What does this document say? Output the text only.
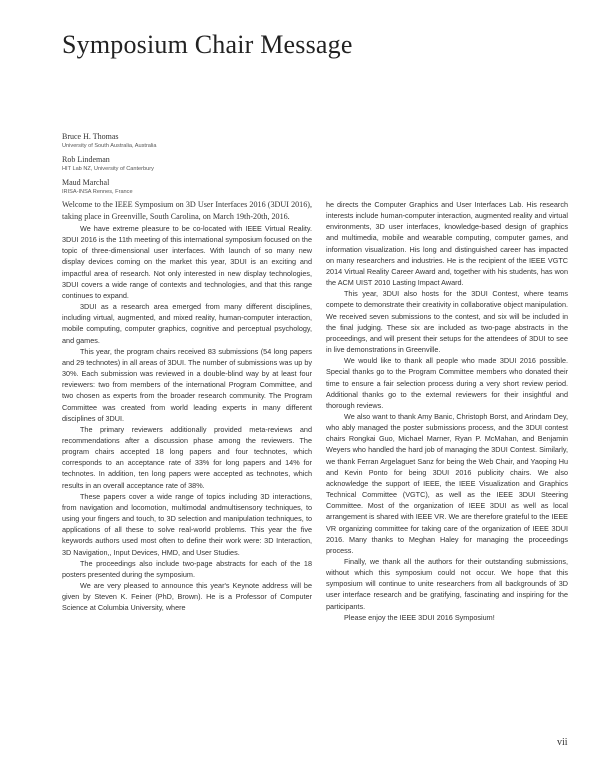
Symposium Chair Message
Bruce H. Thomas
University of South Australia, Australia
Rob Lindeman
HIT Lab NZ, University of Canterbury
Maud Marchal
IRISA-INSA Rennes, France

Welcome to the IEEE Symposium on 3D User Interfaces 2016 (3DUI 2016), taking place in Greenville, South Carolina, on March 19th-20th, 2016.

We have extreme pleasure to be co-located with IEEE Virtual Reality. 3DUI 2016 is the 11th meeting of this international symposium focused on the topic of three-dimensional user interfaces. With launch of so many new display devices coming on the market this year, 3DUI is an exciting and impactful area of research. Not only interested in new display technologies, 3DUI covers a wide range of contexts and technologies, and that this range continues to expand.

3DUI as a research area emerged from many different disciplines, including virtual, augmented, and mixed reality, human-computer interaction, mobile computing, computer graphics, cognitive and perceptual psychology, and games.

This year, the program chairs received 83 submissions (54 long papers and 29 technotes) in all areas of 3DUI. The number of submissions was up by 30%. Each submission was reviewed in a double-blind way by at least four reviewers: two from members of the international Program Committee, and two chosen as experts from the broader research community. The Program Committee was created from world leading experts in many different disciplines of 3DUI.

The primary reviewers additionally provided meta-reviews and recommendations after a discussion phase among the reviewers. The program chairs accepted 18 long papers and four technotes, which corresponds to an acceptance rate of 33% for long papers and 14% for technotes. In addition, ten long papers were accepted as technotes, which results in an overall acceptance rate of 38%.

These papers cover a wide range of topics including 3D interactions, from navigation and locomotion, multimodal andmultisensory techniques, to using your fingers and touch, to 3D selection and manipulation techniques, to applications of all these to solve real-world problems. This year the five keywords authors used most often to define their work were: 3D Interaction, 3D Navigation,, Input Devices, HMD, and User Studies.

The proceedings also include two-page abstracts for each of the 18 posters presented during the symposium.

We are very pleased to announce this year's Keynote address will be given by Steven K. Feiner (PhD, Brown). He is a Professor of Computer Science at Columbia University, where

he directs the Computer Graphics and User Interfaces Lab. His research interests include human-computer interaction, augmented reality and virtual environments, 3D user interfaces, knowledge-based design of graphics and multimedia, mobile and wearable computing, computer games, and information visualization. His long and distinguished career has impacted on many researchers and industries. He is the recipient of the IEEE VGTC 2014 Virtual Reality Career Award and, together with his students, has won the ACM UIST 2010 Lasting Impact Award.

This year, 3DUI also hosts for the 3DUI Contest, where teams compete to demonstrate their creativity in collaborative object manipulation. We received seven submissions to the contest, and six will be included in the final judging. These six are included as two-page abstracts in the proceedings, and will present their setups for the attendees of 3DUI to see in live demonstrations in Greenville.

We would like to thank all people who made 3DUI 2016 possible. Special thanks go to the Program Committee members who donated their time to ensure a fair selection process during a very short review period. Additional thanks go to the external reviewers for their insightful and thorough reviews.

We also want to thank Amy Banic, Christoph Borst, and Arindam Dey, who ably managed the poster submissions process, and the 3DUI contest chairs Rongkai Guo, Michael Marner, Ryan P. McMahan, and Benjamin Weyers who handled the hard job of managing the 3DUI Contest. Similarly, we thank Ferran Argelaguet Sanz for being the Web Chair, and Yaoping Hu and Kevin Ponto for being 3DUI 2016 publicity chairs. We also acknowledge the support of IEEE, the IEEE Visualization and Graphics Technical Committee (VGTC), as well as the IEEE 3DUI Steering Committee. Most of the organization of IEEE 3DUI as well as local arrangement is shared with IEEE VR. We are therefore grateful to the IEEE VR organizing committee for taking care of the organization of IEEE 3DUI 2016. Many thanks to Meghan Haley for managing the proceedings process.

Finally, we thank all the authors for their outstanding submissions, without which this symposium could not occur. We hope that this symposium will continue to unite researchers from all backgrounds of 3D user interface research and be gratifying, fascinating and inspiring for the participants.

Please enjoy the IEEE 3DUI 2016 Symposium!

vii
